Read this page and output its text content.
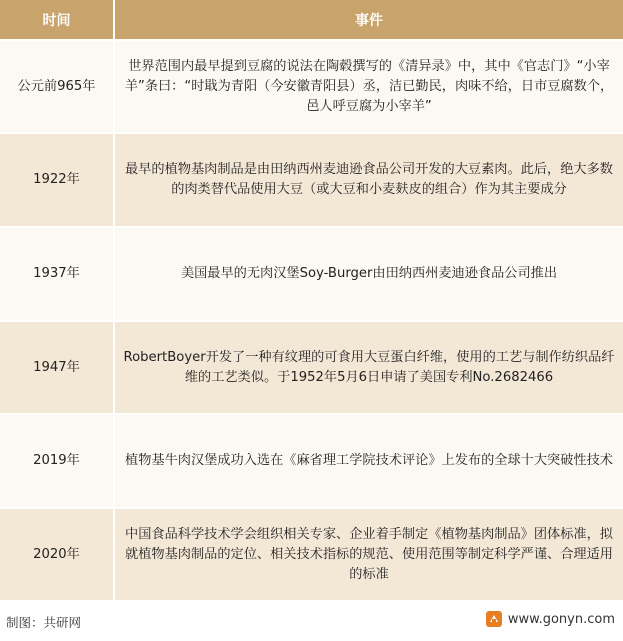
时间	事件
公元前965年	世界范围内最早提到豆腐的说法在陶毂撰写的《清异录》中，其中《官志门》“小宰羊”条曰：“时戢为青阳（今安徽青阳县）丞，洁已勤民，肉味不给，日市豆腐数个，邑人呼豆腐为小宰羊”
1922年	最早的植物基肉制品是由田纳西州麦迪逊食品公司开发的大豆素肉。此后，绝大多数的肉类替代品使用大豆（或大豆和小麦麸皮的组合）作为其主要成分
1937年	美国最早的无肉汉堡Soy-Burger由田纳西州麦迪逊食品公司推出
1947年	RobertBoyer开发了一种有纹理的可食用大豆蛋白纤维，使用的工艺与制作纺织品纤维的工艺类似。于1952年5月6日申请了美国专利No.2682466
2019年	植物基牛肉汉堡成功入选在《麻省理工学院技术评论》上发布的全球十大突破性技术
2020年	中国食品科学技术学会组织相关专家、企业着手制定《植物基肉制品》团体标准，拟就植物基肉制品的定位、相关技术指标的规范、使用范围等制定科学严谨、合理适用的标准
制图：共研网	www.gonyn.com
